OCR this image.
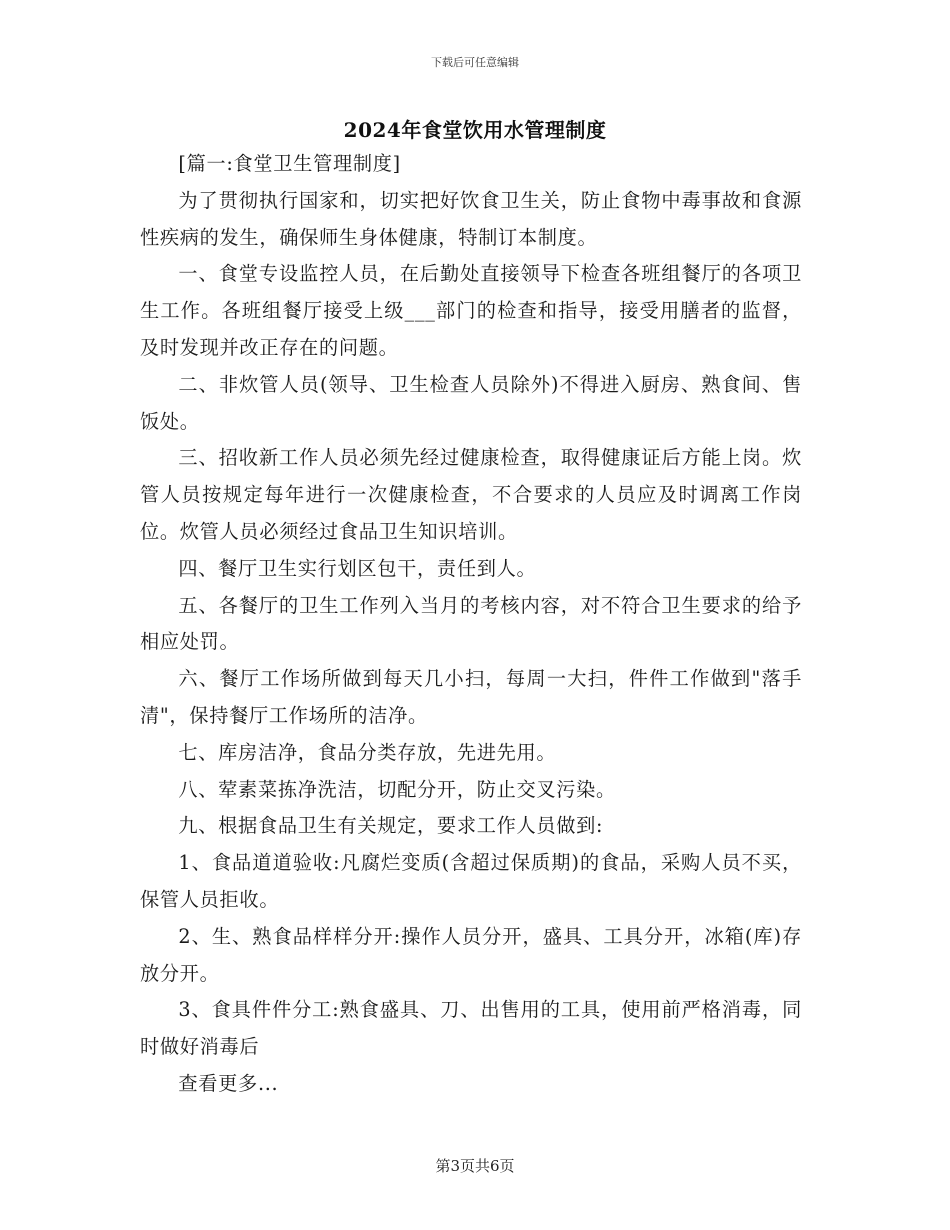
下载后可任意编辑
2024年食堂饮用水管理制度

[篇一:食堂卫生管理制度]

为了贯彻执行国家和，切实把好饮食卫生关，防止食物中毒事故和食源性疾病的发生，确保师生身体健康，特制订本制度。

一、食堂专设监控人员，在后勤处直接领导下检查各班组餐厅的各项卫生工作。各班组餐厅接受上级___部门的检查和指导，接受用膳者的监督，及时发现并改正存在的问题。

二、非炊管人员(领导、卫生检查人员除外)不得进入厨房、熟食间、售饭处。

三、招收新工作人员必须先经过健康检查，取得健康证后方能上岗。炊管人员按规定每年进行一次健康检查，不合要求的人员应及时调离工作岗位。炊管人员必须经过食品卫生知识培训。

四、餐厅卫生实行划区包干，责任到人。

五、各餐厅的卫生工作列入当月的考核内容，对不符合卫生要求的给予相应处罚。

六、餐厅工作场所做到每天几小扫，每周一大扫，件件工作做到"落手清"，保持餐厅工作场所的洁净。

七、库房洁净，食品分类存放，先进先用。

八、荤素菜拣净洗洁，切配分开，防止交叉污染。

九、根据食品卫生有关规定，要求工作人员做到:

1、食品道道验收:凡腐烂变质(含超过保质期)的食品，采购人员不买，保管人员拒收。

2、生、熟食品样样分开:操作人员分开，盛具、工具分开，冰箱(库)存放分开。

3、食具件件分工:熟食盛具、刀、出售用的工具，使用前严格消毒，同时做好消毒后

查看更多...

第3页共6页
